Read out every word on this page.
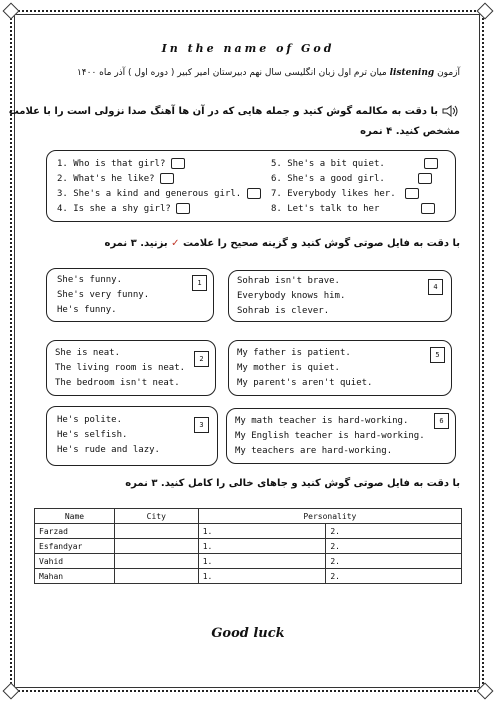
In the name of God
آزمون listening میان ترم اول زبان انگلیسی سال نهم دبیرستان امیر کبیر ( دوره اول ) آذر ماه ۱۴۰۰
با دقت به مکالمه گوش کنید و جمله هایی که در آن ها آهنگ صدا نزولی است را با علامت
مشخص کنید. ۴ نمره
1. Who is that girl?
2. What's he like?
3. She's a kind and generous girl.
4. Is she a shy girl?
5. She's a bit quiet.
6. She's a good girl.
7. Everybody likes her.
8. Let's talk to her
با دقت به فایل صوتی گوش کنید و گزینه صحیح را علامت ✓ بزنید. ۳ نمره
She's funny.
She's very funny.
He's funny.
1	Sohrab isn't brave.
Everybody knows him.
Sohrab is clever.
4
She is neat.
The living room is neat.
The bedroom isn't neat.
2
My father is patient.
My mother is quiet.
My parent's aren't quiet.
5
He's polite.
He's selfish.
He's rude and lazy.
3	My math teacher is hard-working.
My English teacher is hard-working.
My teachers are hard-working.
6
با دقت به فایل صوتی گوش کنید و جاهای خالی را کامل کنید. ۳ نمره
Name	City	Personality	
Farzad		1.	2.
Esfandyar		1.	2.
Vahid		1.	2.
Mahan		1.	2.
Good luck
